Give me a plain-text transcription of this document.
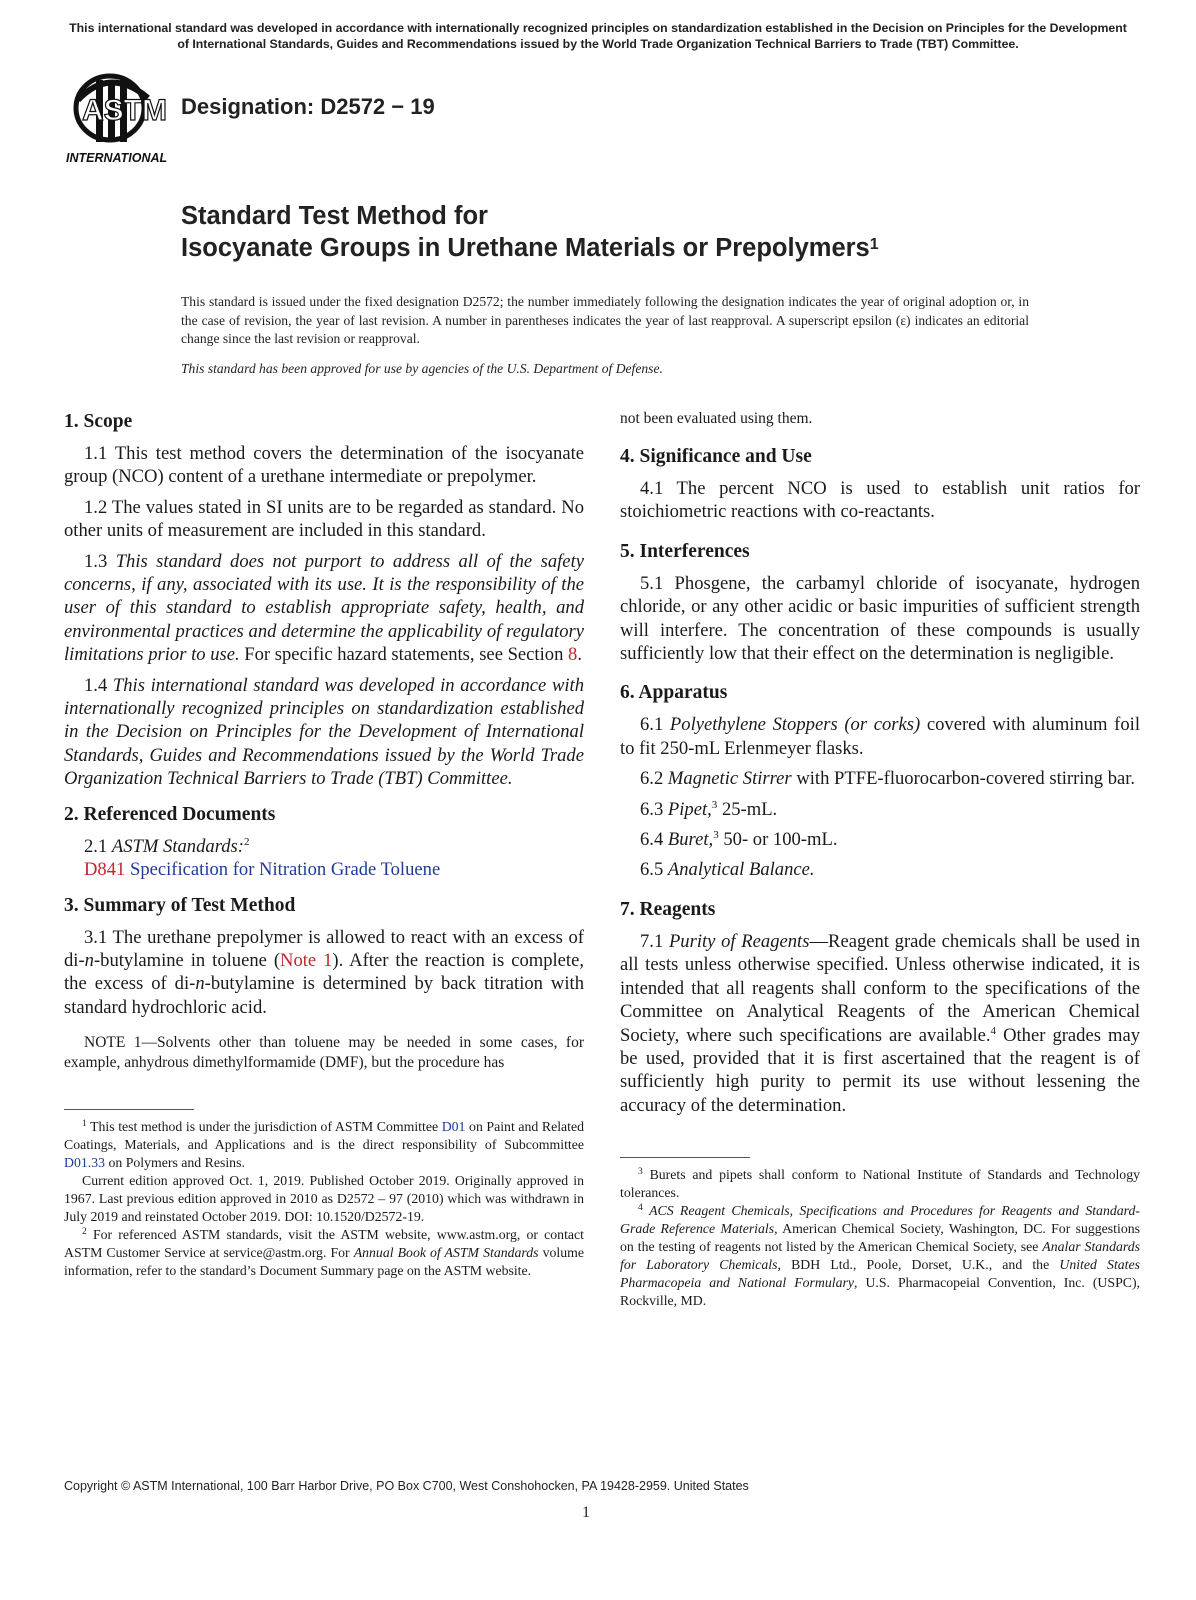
This international standard was developed in accordance with internationally recognized principles on standardization established in the Decision on Principles for the Development of International Standards, Guides and Recommendations issued by the World Trade Organization Technical Barriers to Trade (TBT) Committee.
ASTM
INTERNATIONAL
Designation: D2572 − 19
Standard Test Method for
Isocyanate Groups in Urethane Materials or Prepolymers$^1$
This standard is issued under the fixed designation D2572; the number immediately following the designation indicates the year of original adoption or, in the case of revision, the year of last revision. A number in parentheses indicates the year of last reapproval. A superscript epsilon (ε) indicates an editorial change since the last revision or reapproval.
This standard has been approved for use by agencies of the U.S. Department of Defense.
1. Scope

1.1 This test method covers the determination of the isocyanate group (NCO) content of a urethane intermediate or prepolymer.

1.2 The values stated in SI units are to be regarded as standard. No other units of measurement are included in this standard.

1.3 This standard does not purport to address all of the safety concerns, if any, associated with its use. It is the responsibility of the user of this standard to establish appropriate safety, health, and environmental practices and determine the applicability of regulatory limitations prior to use. For specific hazard statements, see Section 8.

1.4 This international standard was developed in accordance with internationally recognized principles on standardization established in the Decision on Principles for the Development of International Standards, Guides and Recommendations issued by the World Trade Organization Technical Barriers to Trade (TBT) Committee.

2. Referenced Documents

2.1 ASTM Standards:$^2$

D841 Specification for Nitration Grade Toluene

3. Summary of Test Method

3.1 The urethane prepolymer is allowed to react with an excess of di-n-butylamine in toluene (Note 1). After the reaction is complete, the excess of di-n-butylamine is determined by back titration with standard hydrochloric acid.

NOTE 1—Solvents other than toluene may be needed in some cases, for example, anhydrous dimethylformamide (DMF), but the procedure has

$^1$ This test method is under the jurisdiction of ASTM Committee D01 on Paint and Related Coatings, Materials, and Applications and is the direct responsibility of Subcommittee D01.33 on Polymers and Resins.
Current edition approved Oct. 1, 2019. Published October 2019. Originally approved in 1967. Last previous edition approved in 2010 as D2572 – 97 (2010) which was withdrawn in July 2019 and reinstated October 2019. DOI: 10.1520/D2572-19.
$^2$ For referenced ASTM standards, visit the ASTM website, www.astm.org, or contact ASTM Customer Service at service@astm.org. For Annual Book of ASTM Standards volume information, refer to the standard’s Document Summary page on the ASTM website.

not been evaluated using them.

4. Significance and Use

4.1 The percent NCO is used to establish unit ratios for stoichiometric reactions with co-reactants.

5. Interferences

5.1 Phosgene, the carbamyl chloride of isocyanate, hydrogen chloride, or any other acidic or basic impurities of sufficient strength will interfere. The concentration of these compounds is usually sufficiently low that their effect on the determination is negligible.

6. Apparatus

6.1 Polyethylene Stoppers (or corks) covered with aluminum foil to fit 250-mL Erlenmeyer flasks.

6.2 Magnetic Stirrer with PTFE-fluorocarbon-covered stirring bar.

6.3 Pipet,$^3$ 25-mL.

6.4 Buret,$^3$ 50- or 100-mL.

6.5 Analytical Balance.

7. Reagents

7.1 Purity of Reagents—Reagent grade chemicals shall be used in all tests unless otherwise specified. Unless otherwise indicated, it is intended that all reagents shall conform to the specifications of the Committee on Analytical Reagents of the American Chemical Society, where such specifications are available.$^4$ Other grades may be used, provided that it is first ascertained that the reagent is of sufficiently high purity to permit its use without lessening the accuracy of the determination.

$^3$ Burets and pipets shall conform to National Institute of Standards and Technology tolerances.
$^4$ ACS Reagent Chemicals, Specifications and Procedures for Reagents and Standard-Grade Reference Materials, American Chemical Society, Washington, DC. For suggestions on the testing of reagents not listed by the American Chemical Society, see Analar Standards for Laboratory Chemicals, BDH Ltd., Poole, Dorset, U.K., and the United States Pharmacopeia and National Formulary, U.S. Pharmacopeial Convention, Inc. (USPC), Rockville, MD.
Copyright © ASTM International, 100 Barr Harbor Drive, PO Box C700, West Conshohocken, PA 19428-2959. United States
1
